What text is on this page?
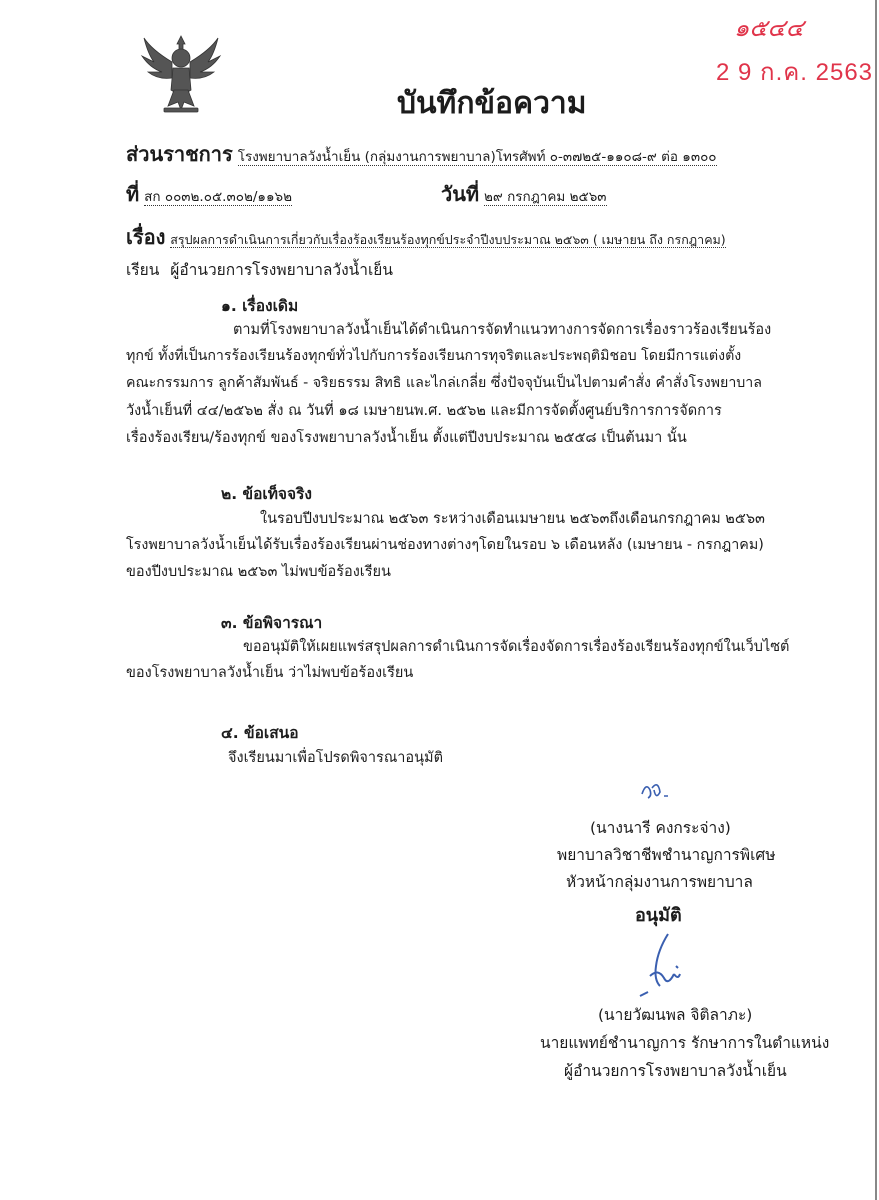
๑๕๔๔
2 9 ก.ค. 2563
บันทึกข้อความ
ส่วนราชการ โรงพยาบาลวังน้ำเย็น (กลุ่มงานการพยาบาล)โทรศัพท์ ๐-๓๗๒๕-๑๑๐๘-๙ ต่อ ๑๓๐๐
ที่ สก ๐๐๓๒.๐๕.๓๐๒/๑๑๖๒	วันที่ ๒๙ กรกฎาคม ๒๕๖๓
เรื่อง สรุปผลการดำเนินการเกี่ยวกับเรื่องร้องเรียนร้องทุกข์ประจำปีงบประมาณ ๒๕๖๓ ( เมษายน ถึง กรกฎาคม)
เรียน ผู้อำนวยการโรงพยาบาลวังน้ำเย็น
๑. เรื่องเดิม
ตามที่โรงพยาบาลวังน้ำเย็นได้ดำเนินการจัดทำแนวทางการจัดการเรื่องราวร้องเรียนร้อง
ทุกข์ ทั้งที่เป็นการร้องเรียนร้องทุกข์ทั่วไปกับการร้องเรียนการทุจริตและประพฤติมิชอบ โดยมีการแต่งตั้ง
คณะกรรมการ ลูกค้าสัมพันธ์ - จริยธรรม สิทธิ และไกล่เกลี่ย ซึ่งปัจจุบันเป็นไปตามคำสั่ง คำสั่งโรงพยาบาล
วังน้ำเย็นที่ ๔๔/๒๕๖๒ สั่ง ณ วันที่ ๑๘ เมษายนพ.ศ. ๒๕๖๒ และมีการจัดตั้งศูนย์บริการการจัดการ
เรื่องร้องเรียน/ร้องทุกข์ ของโรงพยาบาลวังน้ำเย็น ตั้งแต่ปีงบประมาณ ๒๕๕๘ เป็นต้นมา นั้น
๒. ข้อเท็จจริง
ในรอบปีงบประมาณ ๒๕๖๓ ระหว่างเดือนเมษายน ๒๕๖๓ถึงเดือนกรกฎาคม ๒๕๖๓
โรงพยาบาลวังน้ำเย็นได้รับเรื่องร้องเรียนผ่านช่องทางต่างๆโดยในรอบ ๖ เดือนหลัง (เมษายน - กรกฎาคม)
ของปีงบประมาณ ๒๕๖๓ ไม่พบข้อร้องเรียน
๓. ข้อพิจารณา
ขออนุมัติให้เผยแพร่สรุปผลการดำเนินการจัดเรื่องจัดการเรื่องร้องเรียนร้องทุกข์ในเว็บไซต์
ของโรงพยาบาลวังน้ำเย็น ว่าไม่พบข้อร้องเรียน
๔. ข้อเสนอ
จึงเรียนมาเพื่อโปรดพิจารณาอนุมัติ
(นางนารี คงกระจ่าง)
พยาบาลวิชาชีพชำนาญการพิเศษ
หัวหน้ากลุ่มงานการพยาบาล
อนุมัติ
(นายวัฒนพล จิติลาภะ)
นายแพทย์ชำนาญการ รักษาการในตำแหน่ง
ผู้อำนวยการโรงพยาบาลวังน้ำเย็น
